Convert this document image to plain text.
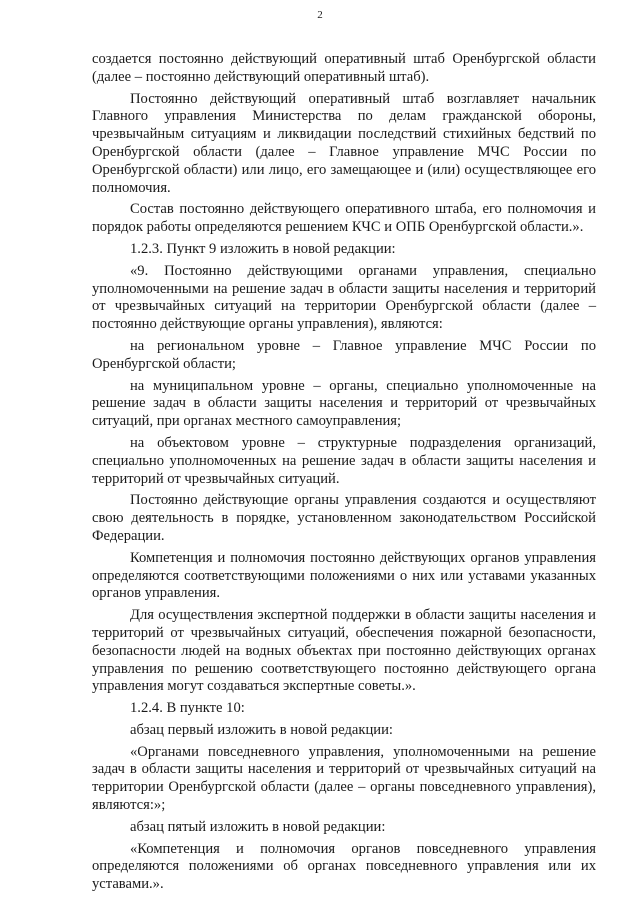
2

создается постоянно действующий оперативный штаб Оренбургской области (далее – постоянно действующий оперативный штаб).

Постоянно действующий оперативный штаб возглавляет начальник Главного управления Министерства по делам гражданской обороны, чрезвычайным ситуациям и ликвидации последствий стихийных бедствий по Оренбургской области (далее – Главное управление МЧС России по Оренбургской области) или лицо, его замещающее и (или) осуществляющее его полномочия.

Состав постоянно действующего оперативного штаба, его полномочия и порядок работы определяются решением КЧС и ОПБ Оренбургской области.».

1.2.3. Пункт 9 изложить в новой редакции:

«9. Постоянно действующими органами управления, специально уполномоченными на решение задач в области защиты населения и территорий от чрезвычайных ситуаций на территории Оренбургской области (далее – постоянно действующие органы управления), являются:

на региональном уровне – Главное управление МЧС России по Оренбургской области;

на муниципальном уровне – органы, специально уполномоченные на решение задач в области защиты населения и территорий от чрезвычайных ситуаций, при органах местного самоуправления;

на объектовом уровне – структурные подразделения организаций, специально уполномоченных на решение задач в области защиты населения и территорий от чрезвычайных ситуаций.

Постоянно действующие органы управления создаются и осуществляют свою деятельность в порядке, установленном законодательством Российской Федерации.

Компетенция и полномочия постоянно действующих органов управления определяются соответствующими положениями о них или уставами указанных органов управления.

Для осуществления экспертной поддержки в области защиты населения и территорий от чрезвычайных ситуаций, обеспечения пожарной безопасности, безопасности людей на водных объектах при постоянно действующих органах управления по решению соответствующего постоянно действующего органа управления могут создаваться экспертные советы.».

1.2.4. В пункте 10:

абзац первый изложить в новой редакции:

«Органами повседневного управления, уполномоченными на решение задач в области защиты населения и территорий от чрезвычайных ситуаций на территории Оренбургской области (далее – органы повседневного управления), являются:»;

абзац пятый изложить в новой редакции:

«Компетенция и полномочия органов повседневного управления определяются положениями об органах повседневного управления или их уставами.».
